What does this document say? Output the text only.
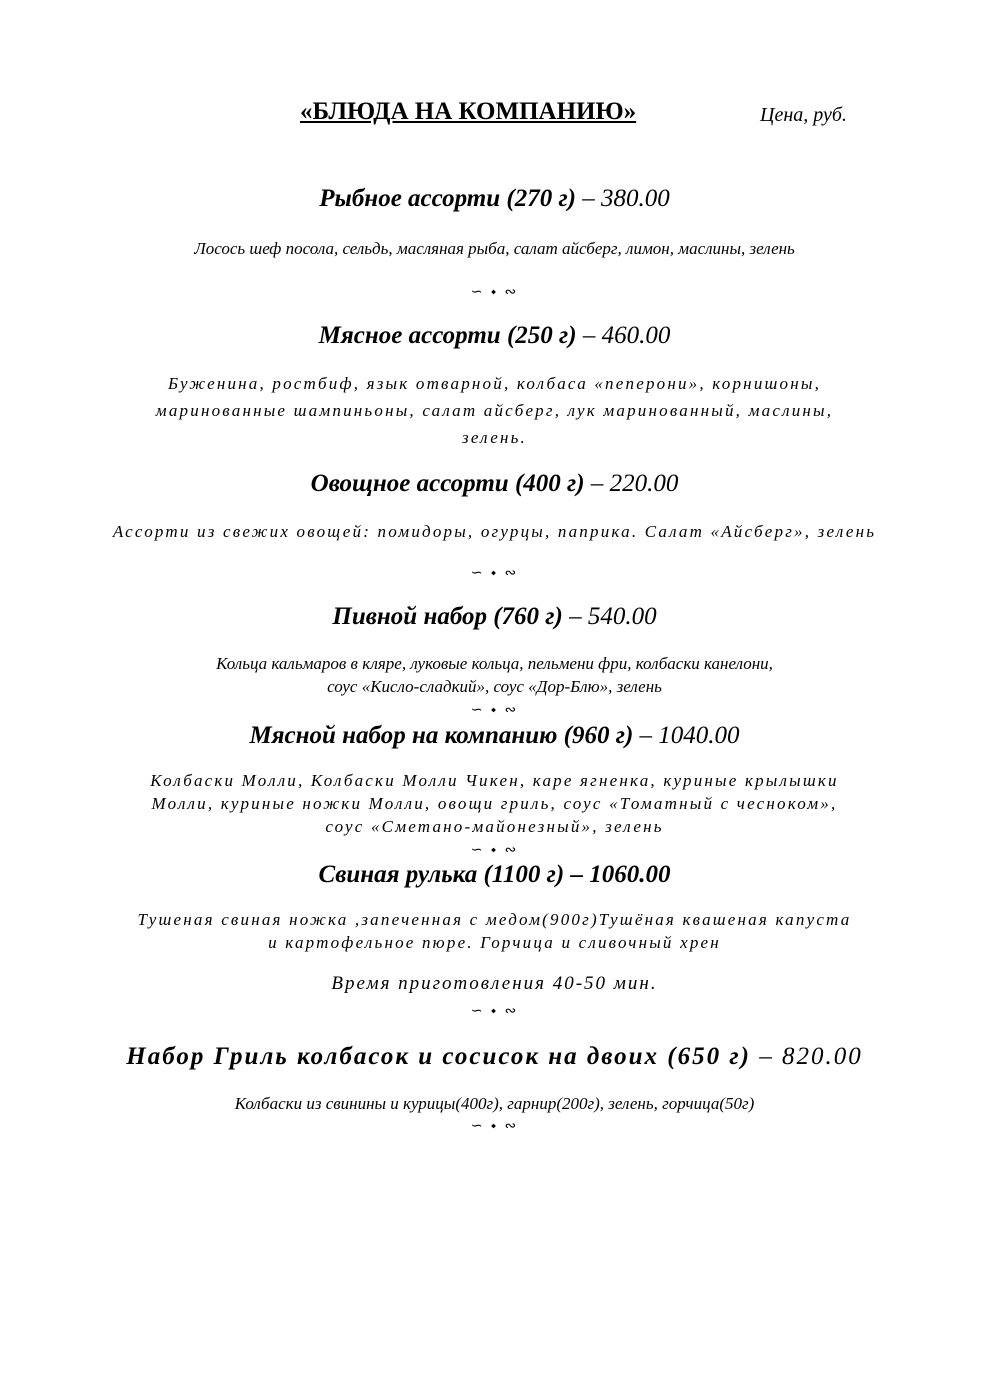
«БЛЮДА НА КОМПАНИЮ»	Цена, руб.
Рыбное ассорти (270 г) – 380.00
Лосось шеф посола, сельдь, масляная рыба, салат айсберг, лимон, маслины, зелень
∽ ⬩ ∾
Мясное ассорти (250 г) – 460.00
Буженина, ростбиф, язык отварной, колбаса «пеперони», корнишоны,
маринованные шампиньоны, салат айсберг, лук маринованный, маслины,
зелень.
Овощное ассорти (400 г) – 220.00
Ассорти из свежих овощей: помидоры, огурцы, паприка. Салат «Айсберг», зелень
∽ ⬩ ∾
Пивной набор (760 г) – 540.00
Кольца кальмаров в кляре, луковые кольца, пельмени фри, колбаски канелони,
соус «Кисло-сладкий», соус «Дор-Блю», зелень
∽ ⬩ ∾
Мясной набор на компанию (960 г) – 1040.00
Колбаски Молли, Колбаски Молли Чикен, каре ягненка, куриные крылышки
Молли, куриные ножки Молли, овощи гриль, соус «Томатный с чесноком»,
соус «Сметано-майонезный», зелень
∽ ⬩ ∾
Свиная рулька (1100 г) – 1060.00
Тушеная свиная ножка ,запеченная с медом(900г)Тушёная квашеная капуста
и картофельное пюре. Горчица и сливочный хрен
Время приготовления 40-50 мин.
∽ ⬩ ∾
Набор Гриль колбасок и сосисок на двоих (650 г) – 820.00
Колбаски из свинины и курицы(400г), гарнир(200г), зелень, горчица(50г)
∽ ⬩ ∾
